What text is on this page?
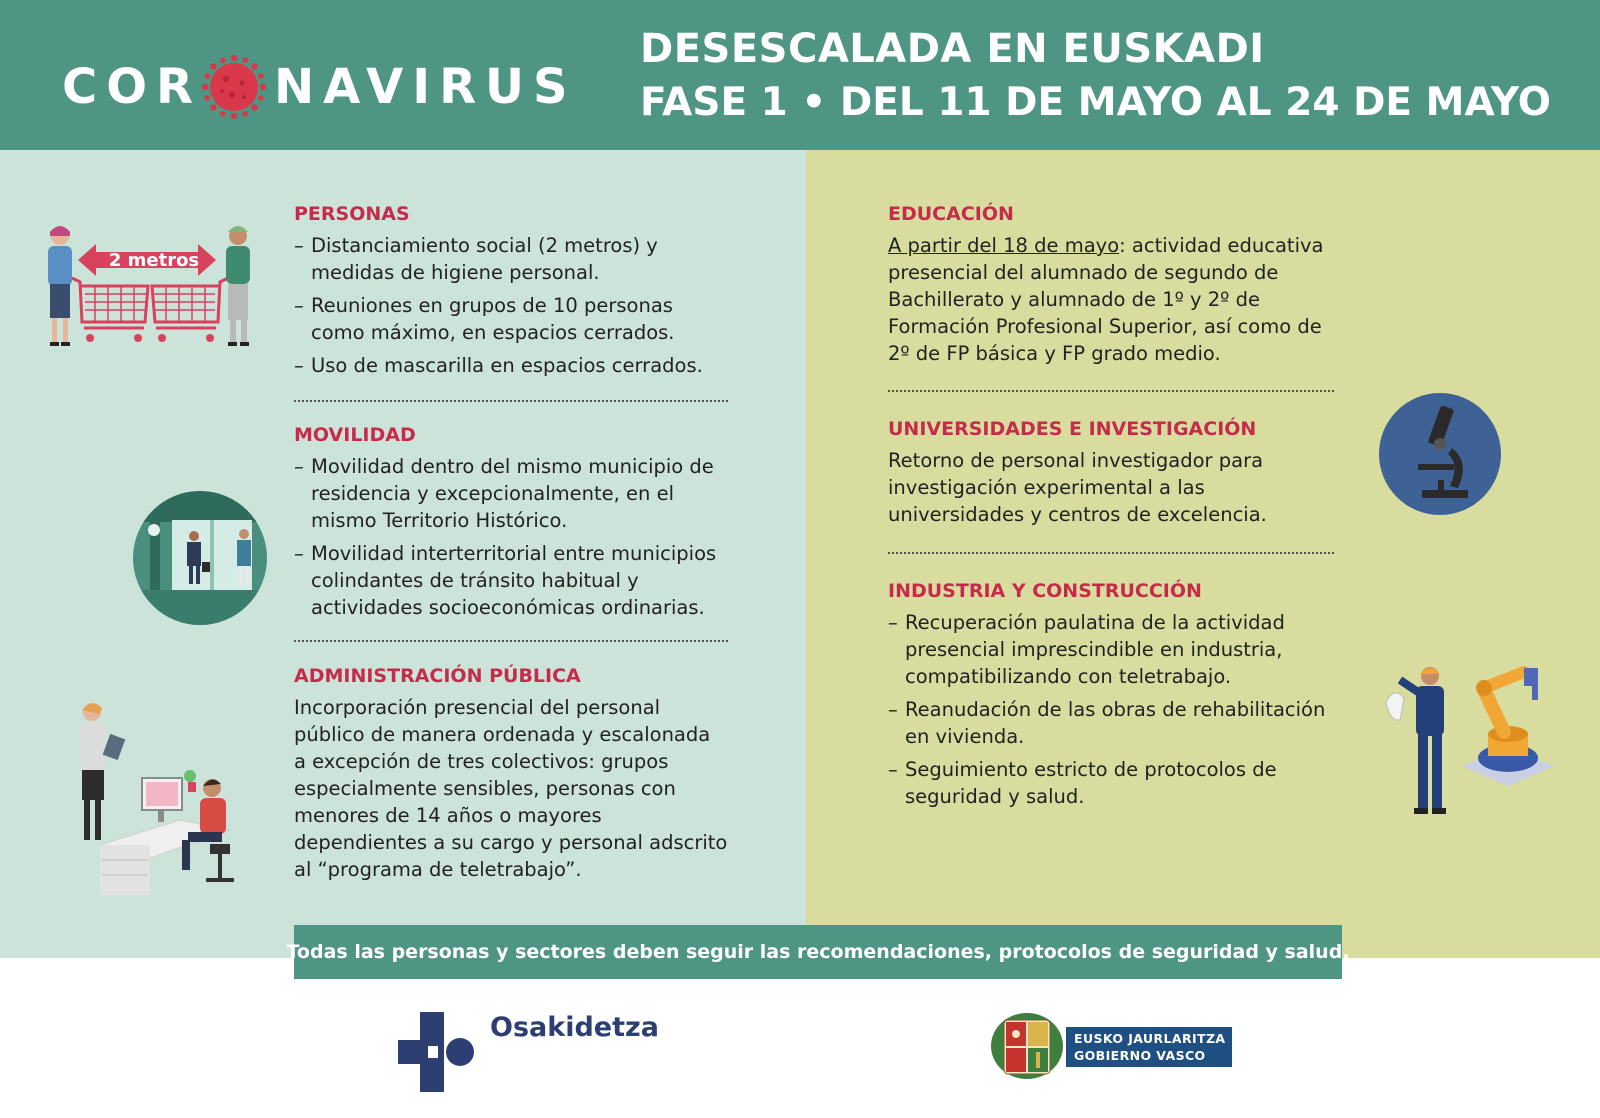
COR NAVIRUS
DESESCALADA EN EUSKADI
FASE 1 • DEL 11 DE MAYO AL 24 DE MAYO
2 metros
PERSONAS
– Distanciamiento social (2 metros) y medidas de higiene personal.
– Reuniones en grupos de 10 personas como máximo, en espacios cerrados.
– Uso de mascarilla en espacios cerrados.
MOVILIDAD
– Movilidad dentro del mismo municipio de residencia y excepcionalmente, en el mismo Territorio Histórico.
– Movilidad interterritorial entre municipios colindantes de tránsito habitual y actividades socioeconómicas ordinarias.
ADMINISTRACIÓN PÚBLICA

Incorporación presencial del personal público de manera ordenada y escalonada a excepción de tres colectivos: grupos especialmente sensibles, personas con menores de 14 años o mayores dependientes a su cargo y personal adscrito al “programa de teletrabajo”.

EDUCACIÓN

A partir del 18 de mayo: actividad educativa presencial del alumnado de segundo de Bachillerato y alumnado de 1º y 2º de Formación Profesional Superior, así como de 2º de FP básica y FP grado medio.

UNIVERSIDADES E INVESTIGACIÓN

Retorno de personal investigador para investigación experimental a las universidades y centros de excelencia.

INDUSTRIA Y CONSTRUCCIÓN
– Recuperación paulatina de la actividad presencial imprescindible en industria, compatibilizando con teletrabajo.
– Reanudación de las obras de rehabilitación en vivienda.
– Seguimiento estricto de protocolos de seguridad y salud.
Todas las personas y sectores deben seguir las recomendaciones, protocolos de seguridad y salud.
Osakidetza	EUSKO JAURLARITZA
GOBIERNO VASCO
